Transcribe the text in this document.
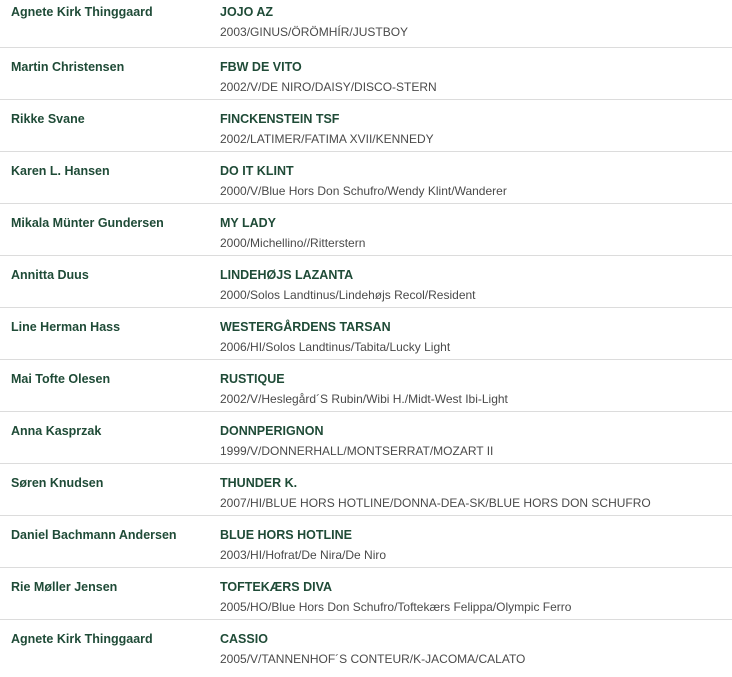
Agnete Kirk Thinggaard	JOJO AZ
2003/GINUS/ÖRÖMHÍR/JUSTBOY
Martin Christensen	FBW DE VITO
2002/V/DE NIRO/DAISY/DISCO-STERN
Rikke Svane	FINCKENSTEIN TSF
2002/LATIMER/FATIMA XVII/KENNEDY
Karen L. Hansen	DO IT KLINT
2000/V/Blue Hors Don Schufro/Wendy Klint/Wanderer
Mikala Münter Gundersen	MY LADY
2000/Michellino//Ritterstern
Annitta Duus	LINDEHØJS LAZANTA
2000/Solos Landtinus/Lindehøjs Recol/Resident
Line Herman Hass	WESTERGÅRDENS TARSAN
2006/HI/Solos Landtinus/Tabita/Lucky Light
Mai Tofte Olesen	RUSTIQUE
2002/V/Heslegård´S Rubin/Wibi H./Midt-West Ibi-Light
Anna Kasprzak	DONNPERIGNON
1999/V/DONNERHALL/MONTSERRAT/MOZART II
Søren Knudsen	THUNDER K.
2007/HI/BLUE HORS HOTLINE/DONNA-DEA-SK/BLUE HORS DON SCHUFRO
Daniel Bachmann Andersen	BLUE HORS HOTLINE
2003/HI/Hofrat/De Nira/De Niro
Rie Møller Jensen	TOFTEKÆRS DIVA
2005/HO/Blue Hors Don Schufro/Toftekærs Felippa/Olympic Ferro
Agnete Kirk Thinggaard	CASSIO
2005/V/TANNENHOF´S CONTEUR/K-JACOMA/CALATO
